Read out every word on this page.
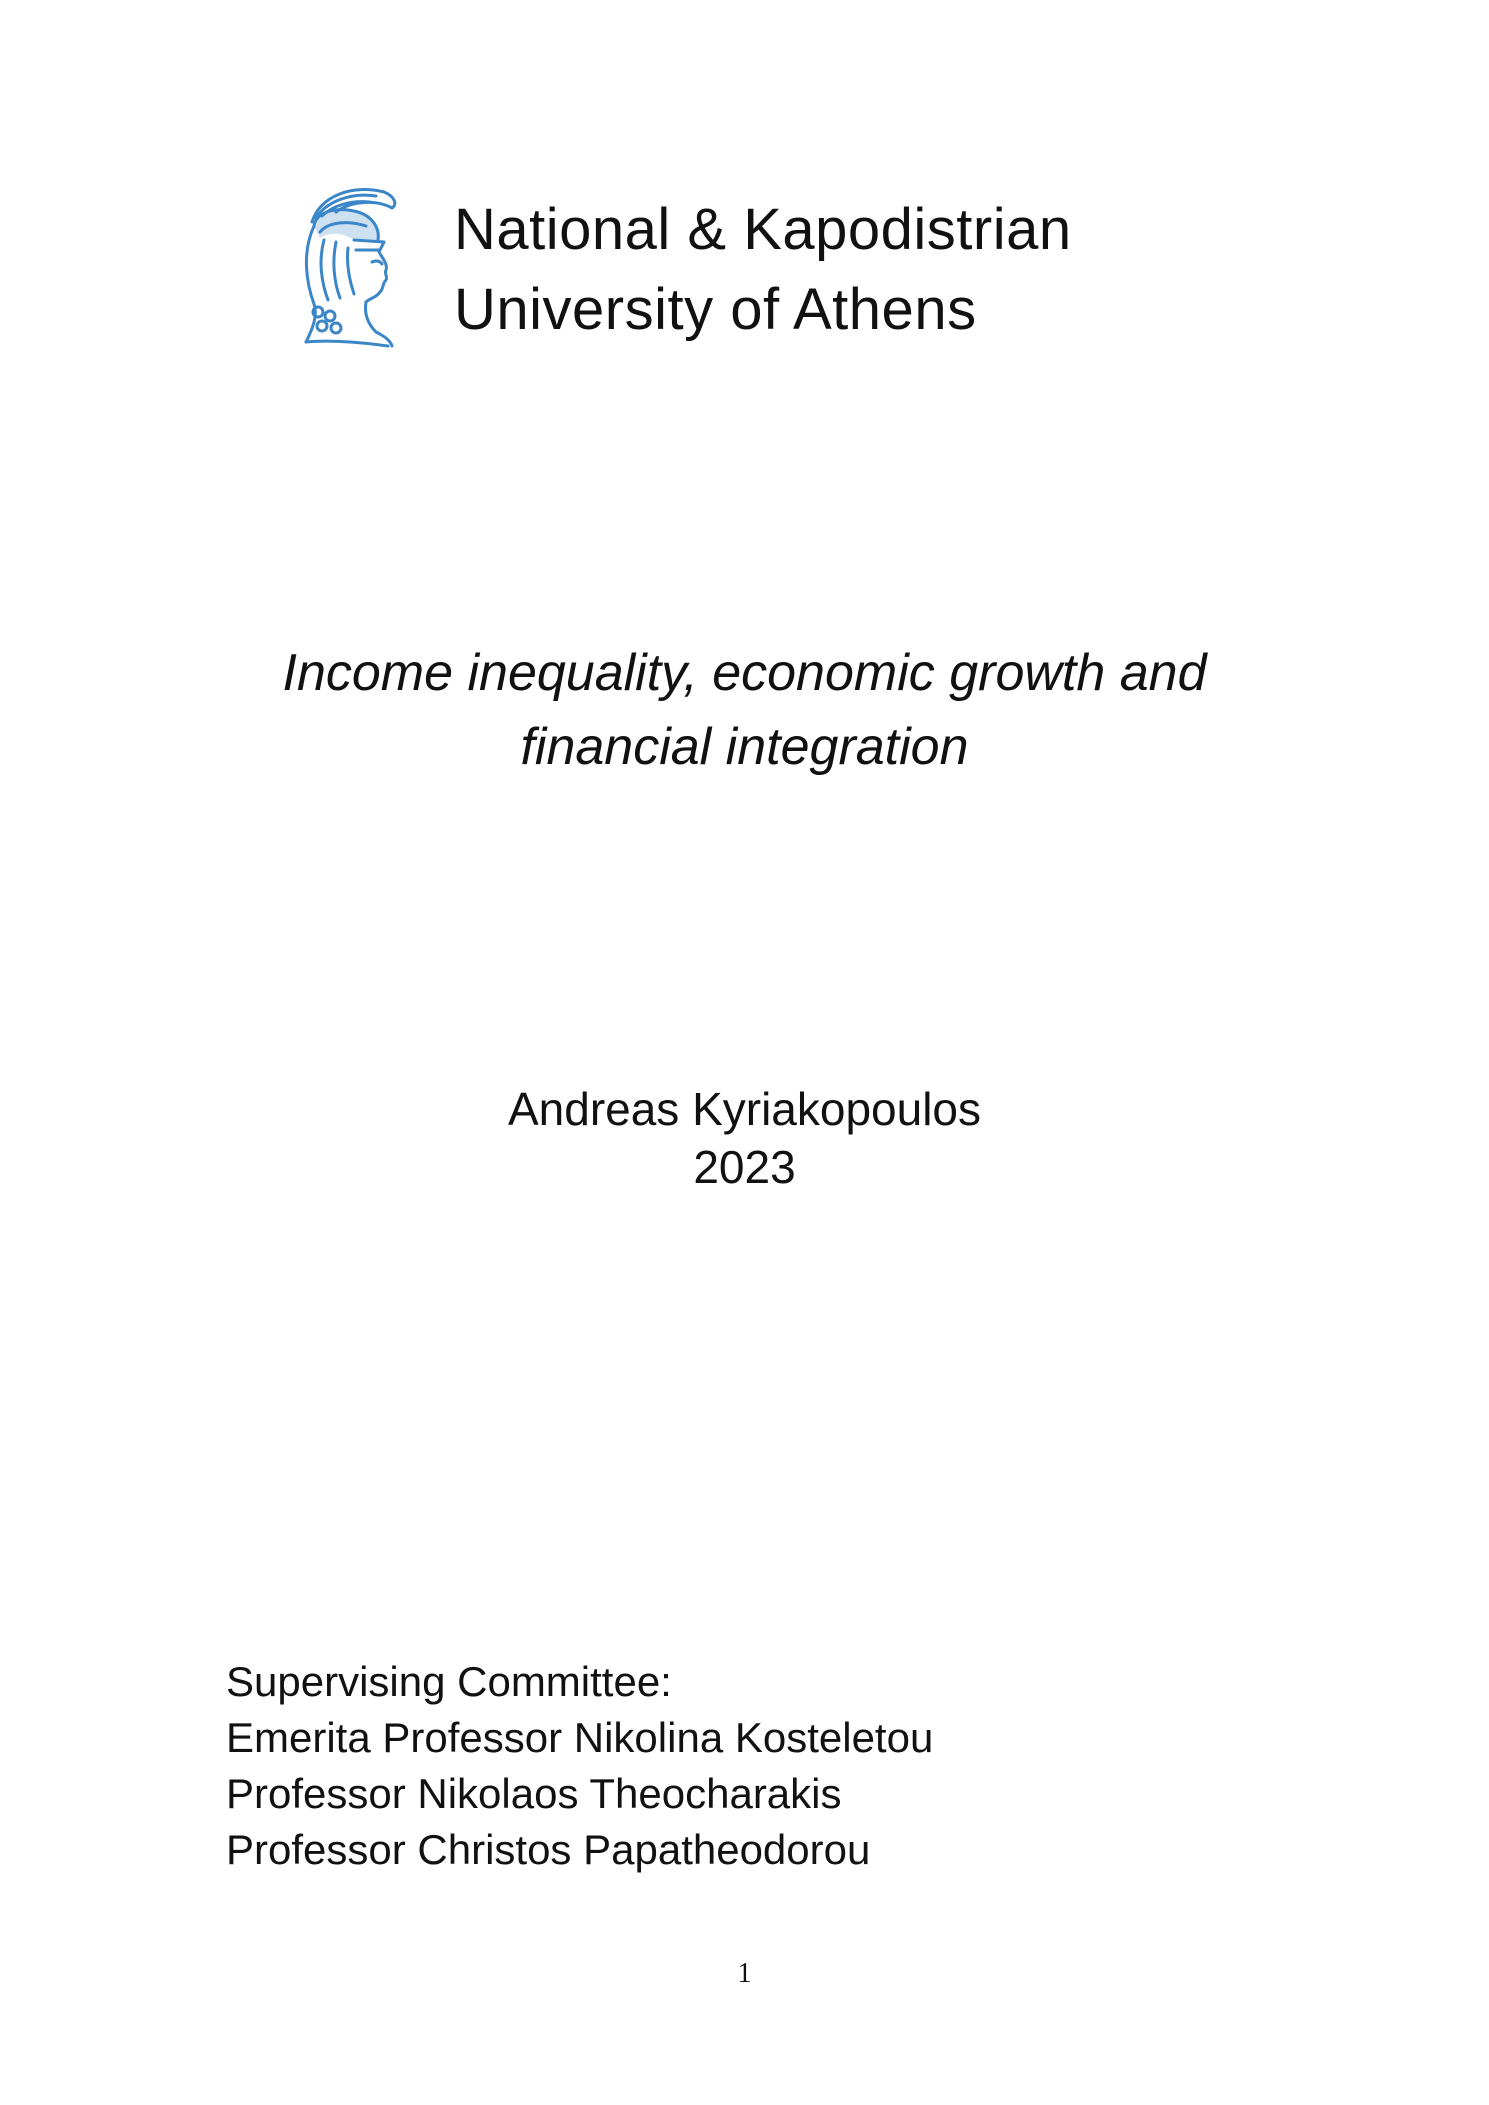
National & Kapodistrian
University of Athens
Income inequality, economic growth and
financial integration
Andreas Kyriakopoulos
2023
Supervising Committee:
Emerita Professor Nikolina Kosteletou
Professor Nikolaos Theocharakis
Professor Christos Papatheodorou
1
